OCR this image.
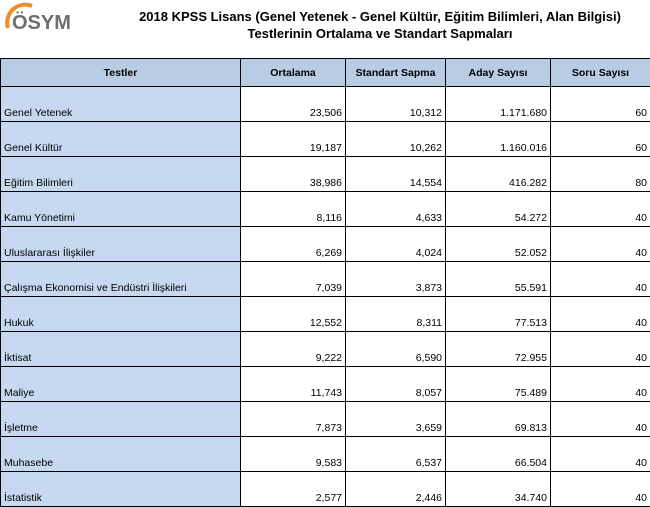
ÖSYM	2018 KPSS Lisans (Genel Yetenek - Genel Kültür, Eğitim Bilimleri, Alan Bilgisi)
Testlerinin Ortalama ve Standart Sapmaları
Testler	Ortalama	Standart Sapma	Aday Sayısı	Soru Sayısı
Genel Yetenek	23,506	10,312	1.171.680	60
Genel Kültür	19,187	10,262	1.160.016	60
Eğitim Bilimleri	38,986	14,554	416.282	80
Kamu Yönetimi	8,116	4,633	54.272	40
Uluslararası İlişkiler	6,269	4,024	52.052	40
Çalışma Ekonomisi ve Endüstri İlişkileri	7,039	3,873	55.591	40
Hukuk	12,552	8,311	77.513	40
İktisat	9,222	6,590	72.955	40
Maliye	11,743	8,057	75.489	40
İşletme	7,873	3,659	69.813	40
Muhasebe	9,583	6,537	66.504	40
İstatistik	2,577	2,446	34.740	40
